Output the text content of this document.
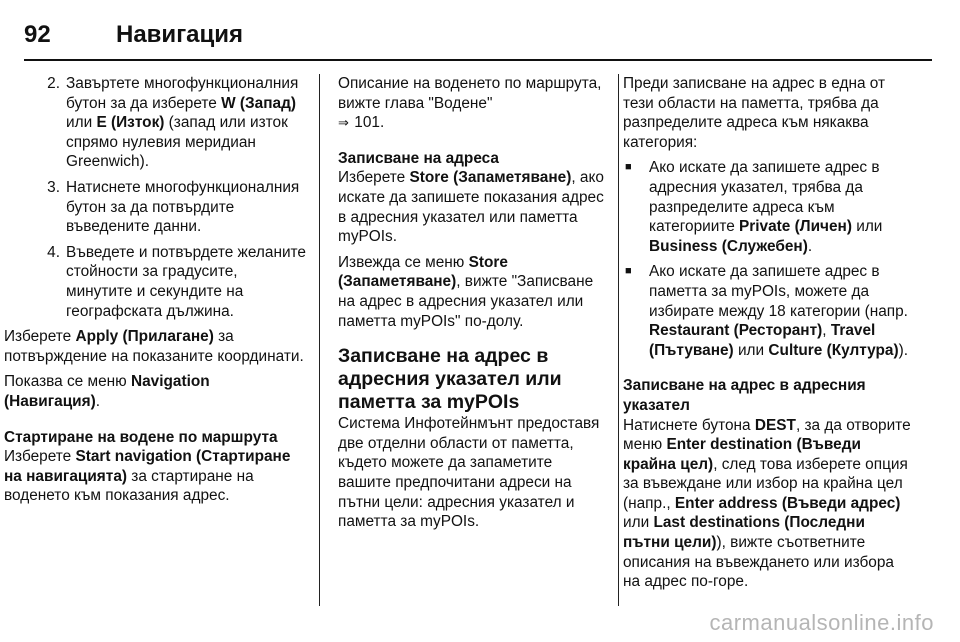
92	Навигация
2. Завъртете многофункционалния бутон за да изберете W (Запад) или E (Изток) (запад или изток спрямо нулевия меридиан Greenwich).
3. Натиснете многофункционалния бутон за да потвърдите въведените данни.
4. Въведете и потвърдете желаните стойности за градусите, минутите и секундите на географската дължина.

Изберете Apply (Прилагане) за потвърждение на показаните координати.

Показва се меню Navigation (Навигация).

Стартиране на водене по маршрута

Изберете Start navigation (Стартиране на навигацията) за стартиране на воденето към показания адрес.

Описание на воденето по маршрута, вижте глава "Водене"
⇒ 101.

Записване на адреса

Изберете Store (Запаметяване), ако искате да запишете показания адрес в адресния указател или паметта myPOIs.

Извежда се меню Store (Запаметяване), вижте "Записване на адрес в адресния указател или паметта myPOIs" по-долу.

Записване на адрес в адресния указател или паметта за myPOIs

Система Инфотейнмънт предоставя две отделни области от паметта, където можете да запаметите вашите предпочитани адреси на пътни цели: адресния указател и паметта за myPOIs.

Преди записване на адрес в една от тези области на паметта, трябва да разпределите адреса към някаква категория:

■	Ако искате да запишете адрес в адресния указател, трябва да разпределите адреса към категориите Private (Личен) или Business (Служебен).
■	Ако искате да запишете адрес в паметта за myPOIs, можете да избирате между 18 категории (напр. Restaurant (Ресторант), Travel (Пътуване) или Culture (Култура)).

Записване на адрес в адресния указател

Натиснете бутона DEST, за да отворите меню Enter destination (Въведи крайна цел), след това изберете опция за въвеждане или избор на крайна цел (напр., Enter address (Въведи адрес) или Last destinations (Последни пътни цели)), вижте съответните описания на въвеждането или избора на адрес по-горе.

carmanualsonline.info
